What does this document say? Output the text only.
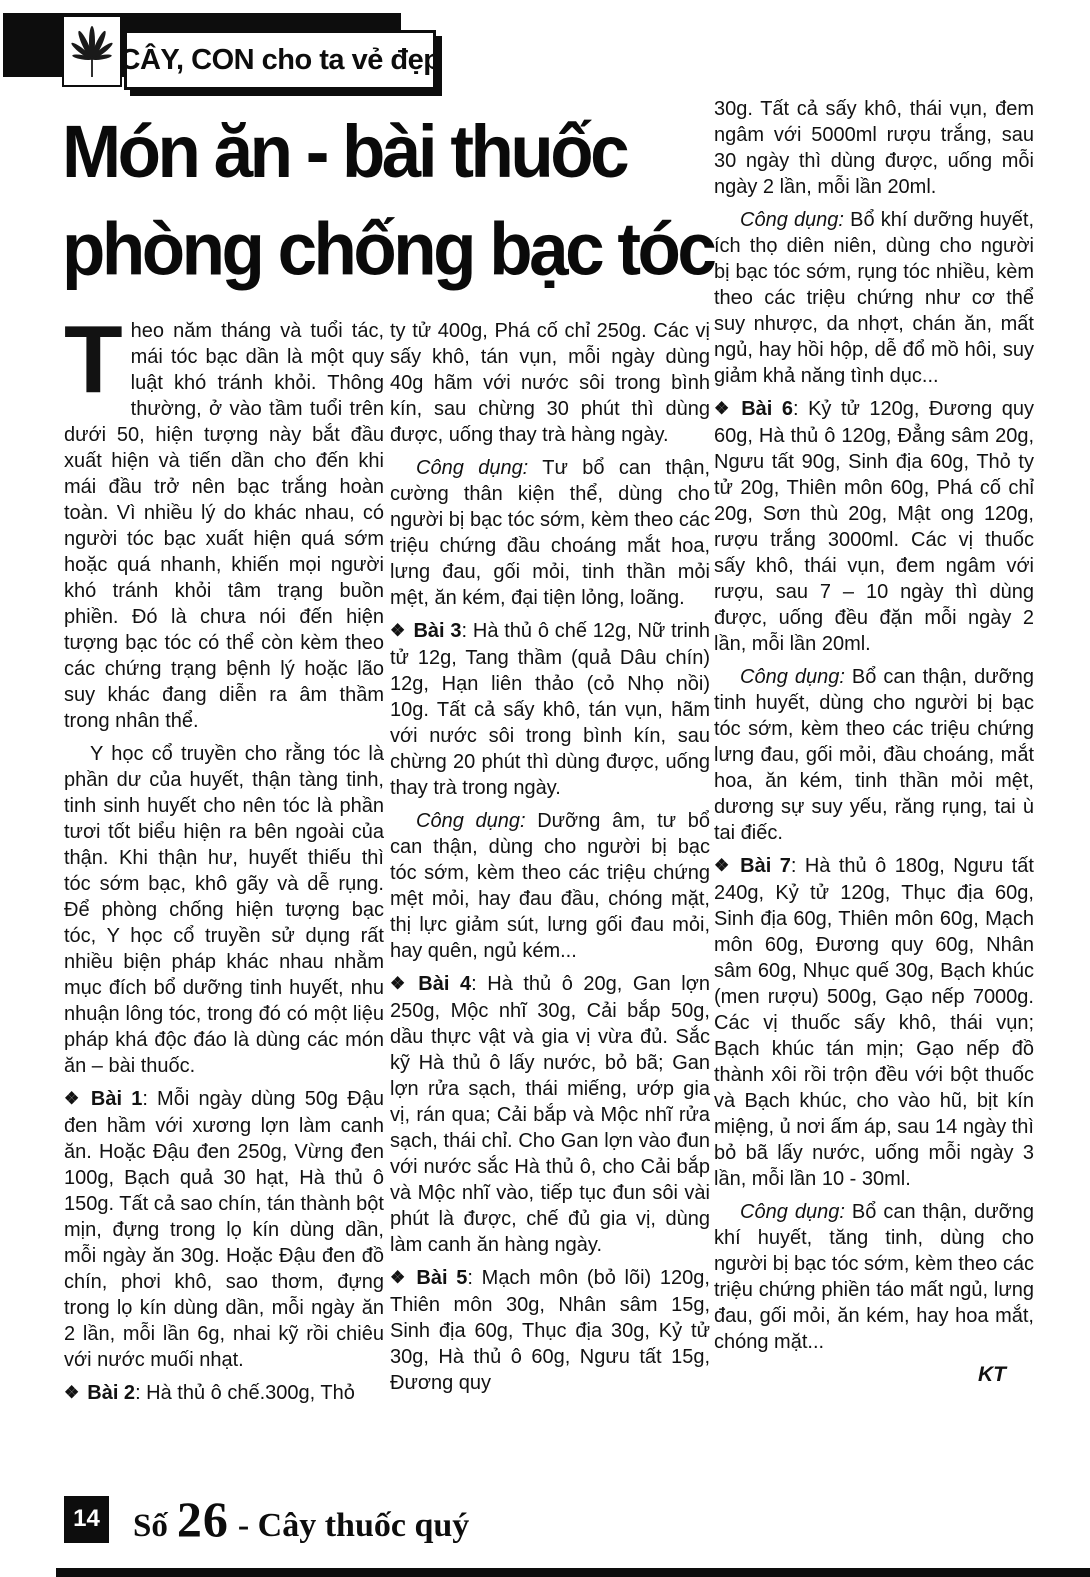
CÂY, CON cho ta vẻ đẹp
Món ăn - bài thuốc
phòng chống bạc tóc

Theo năm tháng và tuổi tác, mái tóc bạc dần là một quy luật khó tránh khỏi. Thông thường, ở vào tầm tuổi trên dưới 50, hiện tượng này bắt đầu xuất hiện và tiến dần cho đến khi mái đầu trở nên bạc trắng hoàn toàn. Vì nhiều lý do khác nhau, có người tóc bạc xuất hiện quá sớm hoặc quá nhanh, khiến mọi người khó tránh khỏi tâm trạng buồn phiền. Đó là chưa nói đến hiện tượng bạc tóc có thể còn kèm theo các chứng trạng bệnh lý hoặc lão suy khác đang diễn ra âm thầm trong nhân thể.

Y học cổ truyền cho rằng tóc là phần dư của huyết, thận tàng tinh, tinh sinh huyết cho nên tóc là phần tươi tốt biểu hiện ra bên ngoài của thận. Khi thận hư, huyết thiếu thì tóc sớm bạc, khô gãy và dễ rụng. Để phòng chống hiện tượng bạc tóc, Y học cổ truyền sử dụng rất nhiều biện pháp khác nhau nhằm mục đích bổ dưỡng tinh huyết, nhu nhuận lông tóc, trong đó có một liệu pháp khá độc đáo là dùng các món ăn – bài thuốc.

❖ Bài 1: Mỗi ngày dùng 50g Đậu đen hầm với xương lợn làm canh ăn. Hoặc Đậu đen 250g, Vừng đen 100g, Bạch quả 30 hạt, Hà thủ ô 150g. Tất cả sao chín, tán thành bột mịn, đựng trong lọ kín dùng dần, mỗi ngày ăn 30g. Hoặc Đậu đen đồ chín, phơi khô, sao thơm, đựng trong lọ kín dùng dần, mỗi ngày ăn 2 lần, mỗi lần 6g, nhai kỹ rồi chiêu với nước muối nhạt.

❖ Bài 2: Hà thủ ô chế.300g, Thỏ

ty tử 400g, Phá cố chỉ 250g. Các vị sấy khô, tán vụn, mỗi ngày dùng 40g hãm với nước sôi trong bình kín, sau chừng 30 phút thì dùng được, uống thay trà hàng ngày.

Công dụng: Tư bổ can thận, cường thân kiện thể, dùng cho người bị bạc tóc sớm, kèm theo các triệu chứng đầu choáng mắt hoa, lưng đau, gối mỏi, tinh thần mỏi mệt, ăn kém, đại tiện lỏng, loãng.

❖ Bài 3: Hà thủ ô chế 12g, Nữ trinh tử 12g, Tang thầm (quả Dâu chín) 12g, Hạn liên thảo (cỏ Nhọ nồi) 10g. Tất cả sấy khô, tán vụn, hãm với nước sôi trong bình kín, sau chừng 20 phút thì dùng được, uống thay trà trong ngày.

Công dụng: Dưỡng âm, tư bổ can thận, dùng cho người bị bạc tóc sớm, kèm theo các triệu chứng mệt mỏi, hay đau đầu, chóng mặt, thị lực giảm sút, lưng gối đau mỏi, hay quên, ngủ kém...

❖ Bài 4: Hà thủ ô 20g, Gan lợn 250g, Mộc nhĩ 30g, Cải bắp 50g, dầu thực vật và gia vị vừa đủ. Sắc kỹ Hà thủ ô lấy nước, bỏ bã; Gan lợn rửa sạch, thái miếng, ướp gia vị, rán qua; Cải bắp và Mộc nhĩ rửa sạch, thái chỉ. Cho Gan lợn vào đun với nước sắc Hà thủ ô, cho Cải bắp và Mộc nhĩ vào, tiếp tục đun sôi vài phút là được, chế đủ gia vị, dùng làm canh ăn hàng ngày.

❖ Bài 5: Mạch môn (bỏ lõi) 120g, Thiên môn 30g, Nhân sâm 15g, Sinh địa 60g, Thục địa 30g, Kỷ tử 30g, Hà thủ ô 60g, Ngưu tất 15g, Đương quy

30g. Tất cả sấy khô, thái vụn, đem ngâm với 5000ml rượu trắng, sau 30 ngày thì dùng được, uống mỗi ngày 2 lần, mỗi lần 20ml.

Công dụng: Bổ khí dưỡng huyết, ích thọ diên niên, dùng cho người bị bạc tóc sớm, rụng tóc nhiều, kèm theo các triệu chứng như cơ thể suy nhược, da nhợt, chán ăn, mất ngủ, hay hồi hộp, dễ đổ mồ hôi, suy giảm khả năng tình dục...

❖ Bài 6: Kỷ tử 120g, Đương quy 60g, Hà thủ ô 120g, Đẳng sâm 20g, Ngưu tất 90g, Sinh địa 60g, Thỏ ty tử 20g, Thiên môn 60g, Phá cố chỉ 20g, Sơn thù 20g, Mật ong 120g, rượu trắng 3000ml. Các vị thuốc sấy khô, thái vụn, đem ngâm với rượu, sau 7 – 10 ngày thì dùng được, uống đều đặn mỗi ngày 2 lần, mỗi lần 20ml.

Công dụng: Bổ can thận, dưỡng tinh huyết, dùng cho người bị bạc tóc sớm, kèm theo các triệu chứng lưng đau, gối mỏi, đầu choáng, mắt hoa, ăn kém, tinh thần mỏi mệt, dương sự suy yếu, răng rụng, tai ù tai điếc.

❖ Bài 7: Hà thủ ô 180g, Ngưu tất 240g, Kỷ tử 120g, Thục địa 60g, Sinh địa 60g, Thiên môn 60g, Mạch môn 60g, Đương quy 60g, Nhân sâm 60g, Nhục quế 30g, Bạch khúc (men rượu) 500g, Gạo nếp 7000g. Các vị thuốc sấy khô, thái vụn; Bạch khúc tán mịn; Gạo nếp đồ thành xôi rồi trộn đều với bột thuốc và Bạch khúc, cho vào hũ, bịt kín miệng, ủ nơi ấm áp, sau 14 ngày thì bỏ bã lấy nước, uống mỗi ngày 3 lần, mỗi lần 10 - 30ml.

Công dụng: Bổ can thận, dưỡng khí huyết, tăng tinh, dùng cho người bị bạc tóc sớm, kèm theo các triệu chứng phiền táo mất ngủ, lưng đau, gối mỏi, ăn kém, hay hoa mắt, chóng mặt...

KT

14 Số 26 - Cây thuốc quý
